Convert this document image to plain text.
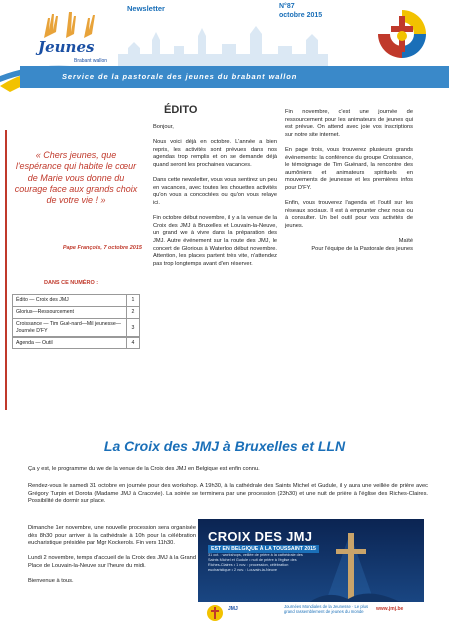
Jeunes
Brabant wallon
Newsletter	N°87
octobre 2015
Service de la pastorale des jeunes du brabant wallon
« Chers jeunes, que l'espérance qui habite le cœur de Marie vous donne du courage face aux grands choix de votre vie ! »
Pape François, 7 octobre 2015
DANS CE NUMÉRO :
Édito — Croix des JMJ	1
Glorius—Ressourcement	2
Croissance — Tim Gué-nard—Mil jeunesse—Journée D'FY	3
Agenda — Outil	4
ÉDITO

Bonjour,

Nous voici déjà en octobre. L'année a bien repris, les activités sont prévues dans nos agendas trop remplis et on se demande déjà quand seront les prochaines vacances.

Dans cette newsletter, vous vous sentirez un peu en vacances, avec toutes les chouettes activités qu'on vous a concoctées ou qu'on vous relaye ici.

Fin octobre début novembre, il y a la venue de la Croix des JMJ à Bruxelles et Louvain-la-Neuve, un grand we à vivre dans la préparation des JMJ. Autre événement sur la route des JMJ, le concert de Glorious à Waterloo début novembre. Attention, les places partent très vite, n'attendez pas trop longtemps avant d'en réserver.

Fin novembre, c'est une journée de ressourcement pour les animateurs de jeunes qui est prévue. On attend avec joie vos inscriptions sur notre site internet.

En page trois, vous trouverez plusieurs grands événements: la conférence du groupe Croissance, le témoignage de Tim Guénard, la rencontre des aumôniers et animateurs spirituels en mouvements de jeunesse et les premières infos pour D'FY.

Enfin, vous trouverez l'agenda et l'outil sur les réseaux sociaux. Il est à emprunter chez nous ou à consulter. Un bel outil pour vos activités de jeunes.

Maïté
Pour l'équipe de la Pastorale des jeunes
La Croix des JMJ à Bruxelles et LLN
Ça y est, le programme du we de la venue de la Croix des JMJ en Belgique est enfin connu.
Rendez-vous le samedi 31 octobre en journée pour des workshop. A 19h30, à la cathédrale des Saints Michel et Gudule, il y aura une veillée de prière avec Grégory Turpin et Dorota (Madame JMJ à Cracovie). La soirée se terminera par une procession (23h30) et une nuit de prière à l'église des Riches-Claires. Possibilité de dormir sur place.

Dimanche 1er novembre, une nouvelle procession sera organisée dès 8h30 pour arriver à la cathédrale à 10h pour la célébration eucharistique présidée par Mgr Kockerols. Fin vers 11h30.

Lundi 2 novembre, temps d'accueil de la Croix des JMJ à la Grand Place de Louvain-la-Neuve sur l'heure du midi.

Bienvenue à tous.

CROIX DES JMJ
EST EN BELGIQUE À LA TOUSSAINT 2015
31 oct. : workshops, veillée de prière à la cathédrale des Saints Michel et Gudule • nuit de prière à l'église des Riches-Claires • 1 nov. : procession, célébration eucharistique • 2 nov. : Louvain-la-Neuve
JMJ	Journées Mondiales de la Jeunesse · Le plus grand rassemblement de jeunes du monde	www.jmj.be
